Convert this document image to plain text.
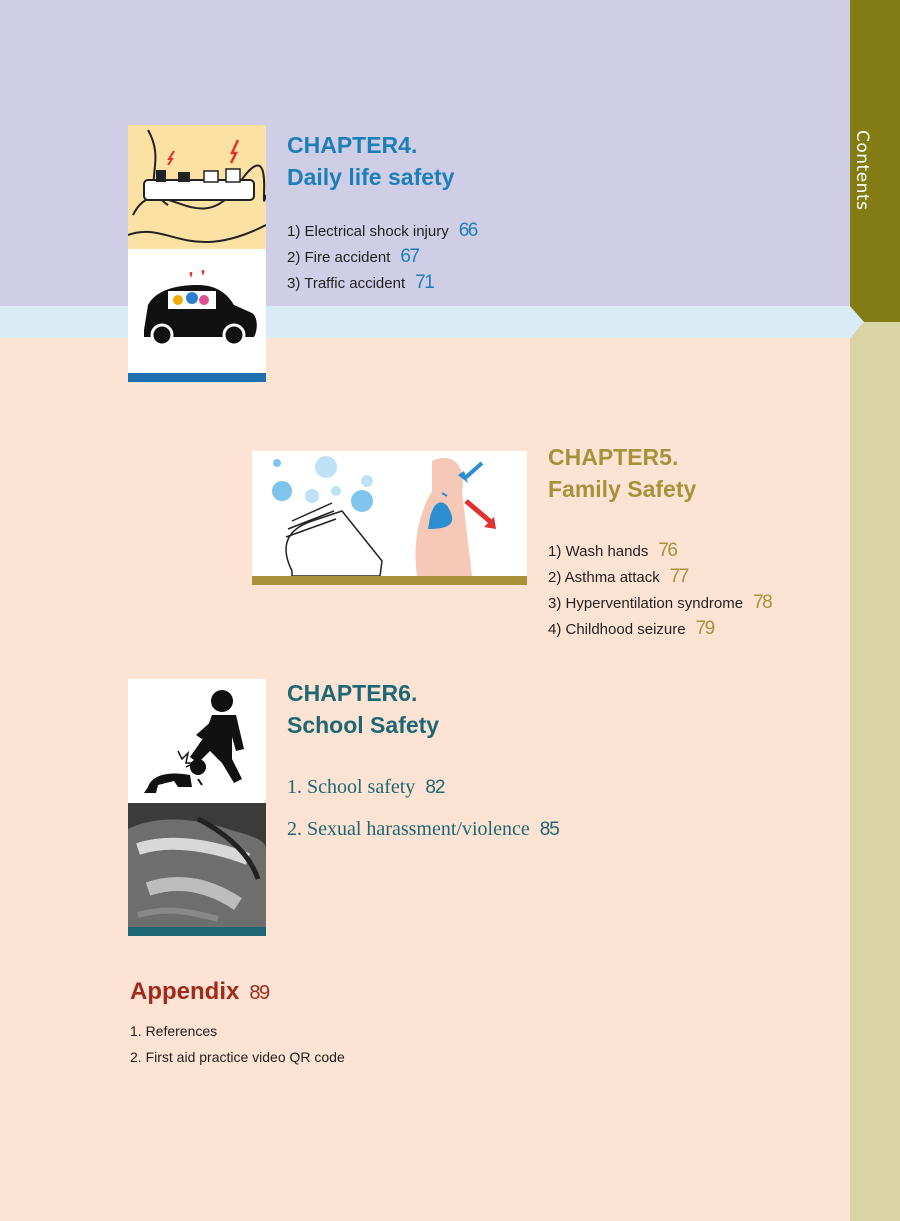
Contents
CHAPTER4.
Daily life safety
1) Electrical shock injury 66
2) Fire accident 67
3) Traffic accident 71
CHAPTER5.
Family Safety
1) Wash hands 76
2) Asthma attack 77
3) Hyperventilation syndrome 78
4) Childhood seizure 79
CHAPTER6.
School Safety
1. School safety 82
2. Sexual harassment/violence 85
Appendix 89
1. References
2. First aid practice video QR code
